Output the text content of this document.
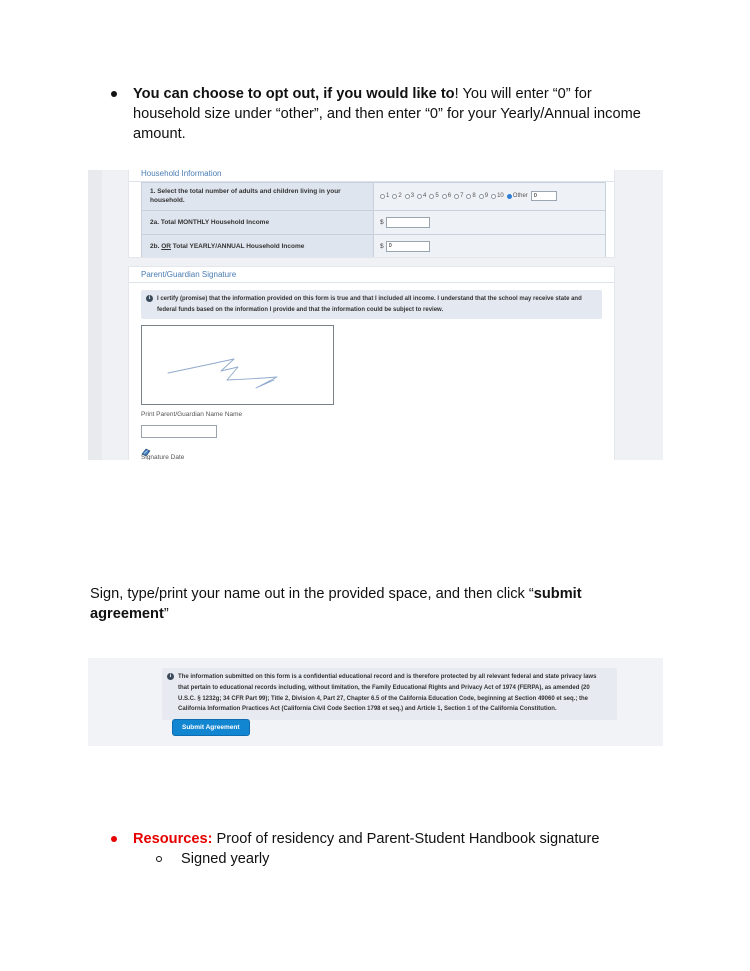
You can choose to opt out, if you would like to! You will enter “0” for household size under “other”, and then enter “0” for your Yearly/Annual income amount.
Household Information
1. Select the total number of adults and children living in your household.	
1 2 3 4 5 6 7 8 9 10 Other
0

2a. Total MONTHLY Household Income	$

2b. OR Total YEARLY/ANNUAL Household Income	$
0
Parent/Guardian Signature
i	I certify (promise) that the information provided on this form is true and that I included all income. I understand that the school may receive state and federal funds based on the information I provide and that the information could be subject to review.
Print Parent/Guardian Name Name
Signature Date

Sign, type/print your name out in the provided space, and then click “submit agreement”

i	The information submitted on this form is a confidential educational record and is therefore protected by all relevant federal and state privacy laws that pertain to educational records including, without limitation, the Family Educational Rights and Privacy Act of 1974 (FERPA), as amended (20 U.S.C. § 1232g; 34 CFR Part 99); Title 2, Division 4, Part 27, Chapter 6.5 of the California Education Code, beginning at Section 49060 et seq.; the California Information Practices Act (California Civil Code Section 1798 et seq.) and Article 1, Section 1 of the California Constitution.
Submit Agreement
Resources: Proof of residency and Parent-Student Handbook signature
Signed yearly
